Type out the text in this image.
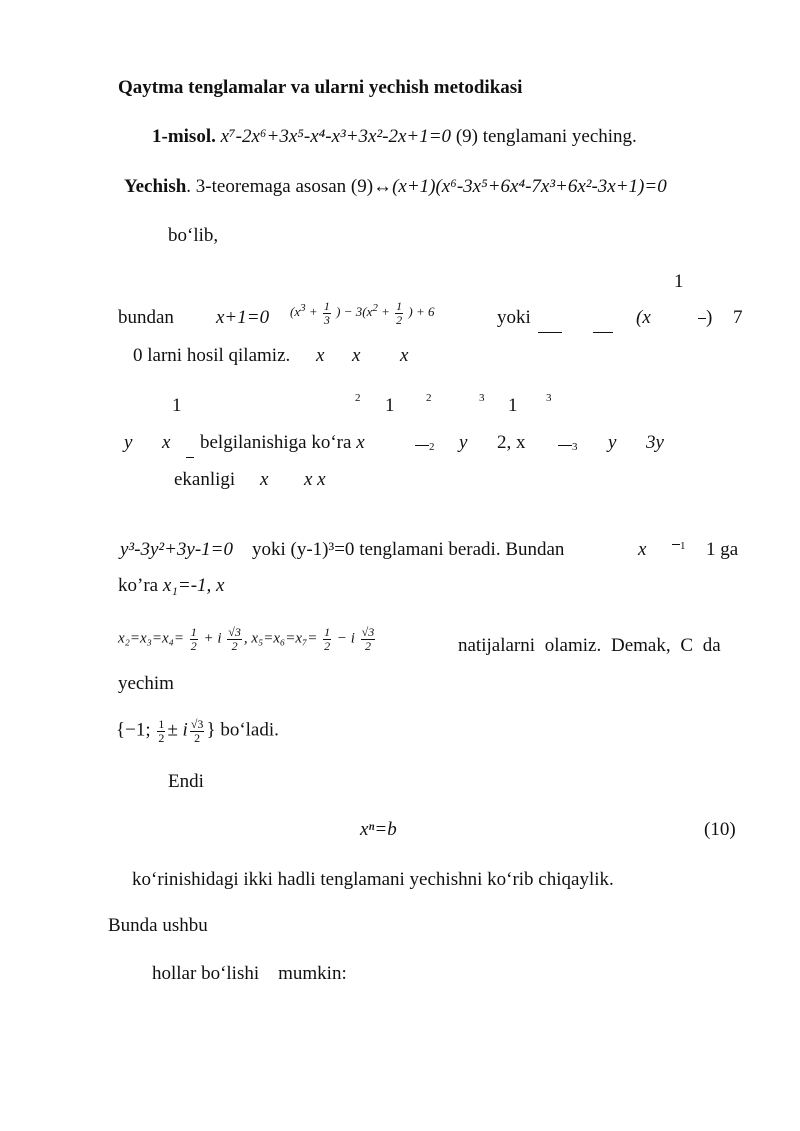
Qaytma tenglamalar va ularni yechish metodikasi
1-misol. x⁷-2x⁶+3x⁵-x⁴-x³+3x²-2x+1=0 (9) tenglamani yeching.
Yechish. 3-teoremaga asosan (9)↔(x+1)(x⁶-3x⁵+6x⁴-7x³+6x²-3x+1)=0
bo‘lib,
1
bundan x+1=0 ($x^3 + \frac{1}{3}$ ) − $3(x^2 + \frac{1}{2}$ ) + 6	yoki	(x	) 7
0 larni hosil qilamiz. x x x
1	2 1	2	3 1	3
y x belgilanishiga ko‘ra x	2 y 2, x	3 y 3y
ekanligi x x x
y³-3y²+3y-1=0 yoki (y-1)³=0 tenglamani beradi. Bundan	x	1 1 ga
ko’ra x₁=-1, x
$x_2=x_3=x_4= \frac{1}{2} + i \frac{√3}{2}$ , $x_5=x_6=x_7= \frac{1}{2} - i \frac{√3}{2}$	natijalarni olamiz. Demak, C da
yechim
{−1; $\frac{1}{2} \pm i \frac{√3}{2}$ } bo‘ladi.
Endi
xⁿ=b	(10)
ko‘rinishidagi ikki hadli tenglamani yechishni ko‘rib chiqaylik.
Bunda ushbu
hollar bo‘lishi    mumkin:
